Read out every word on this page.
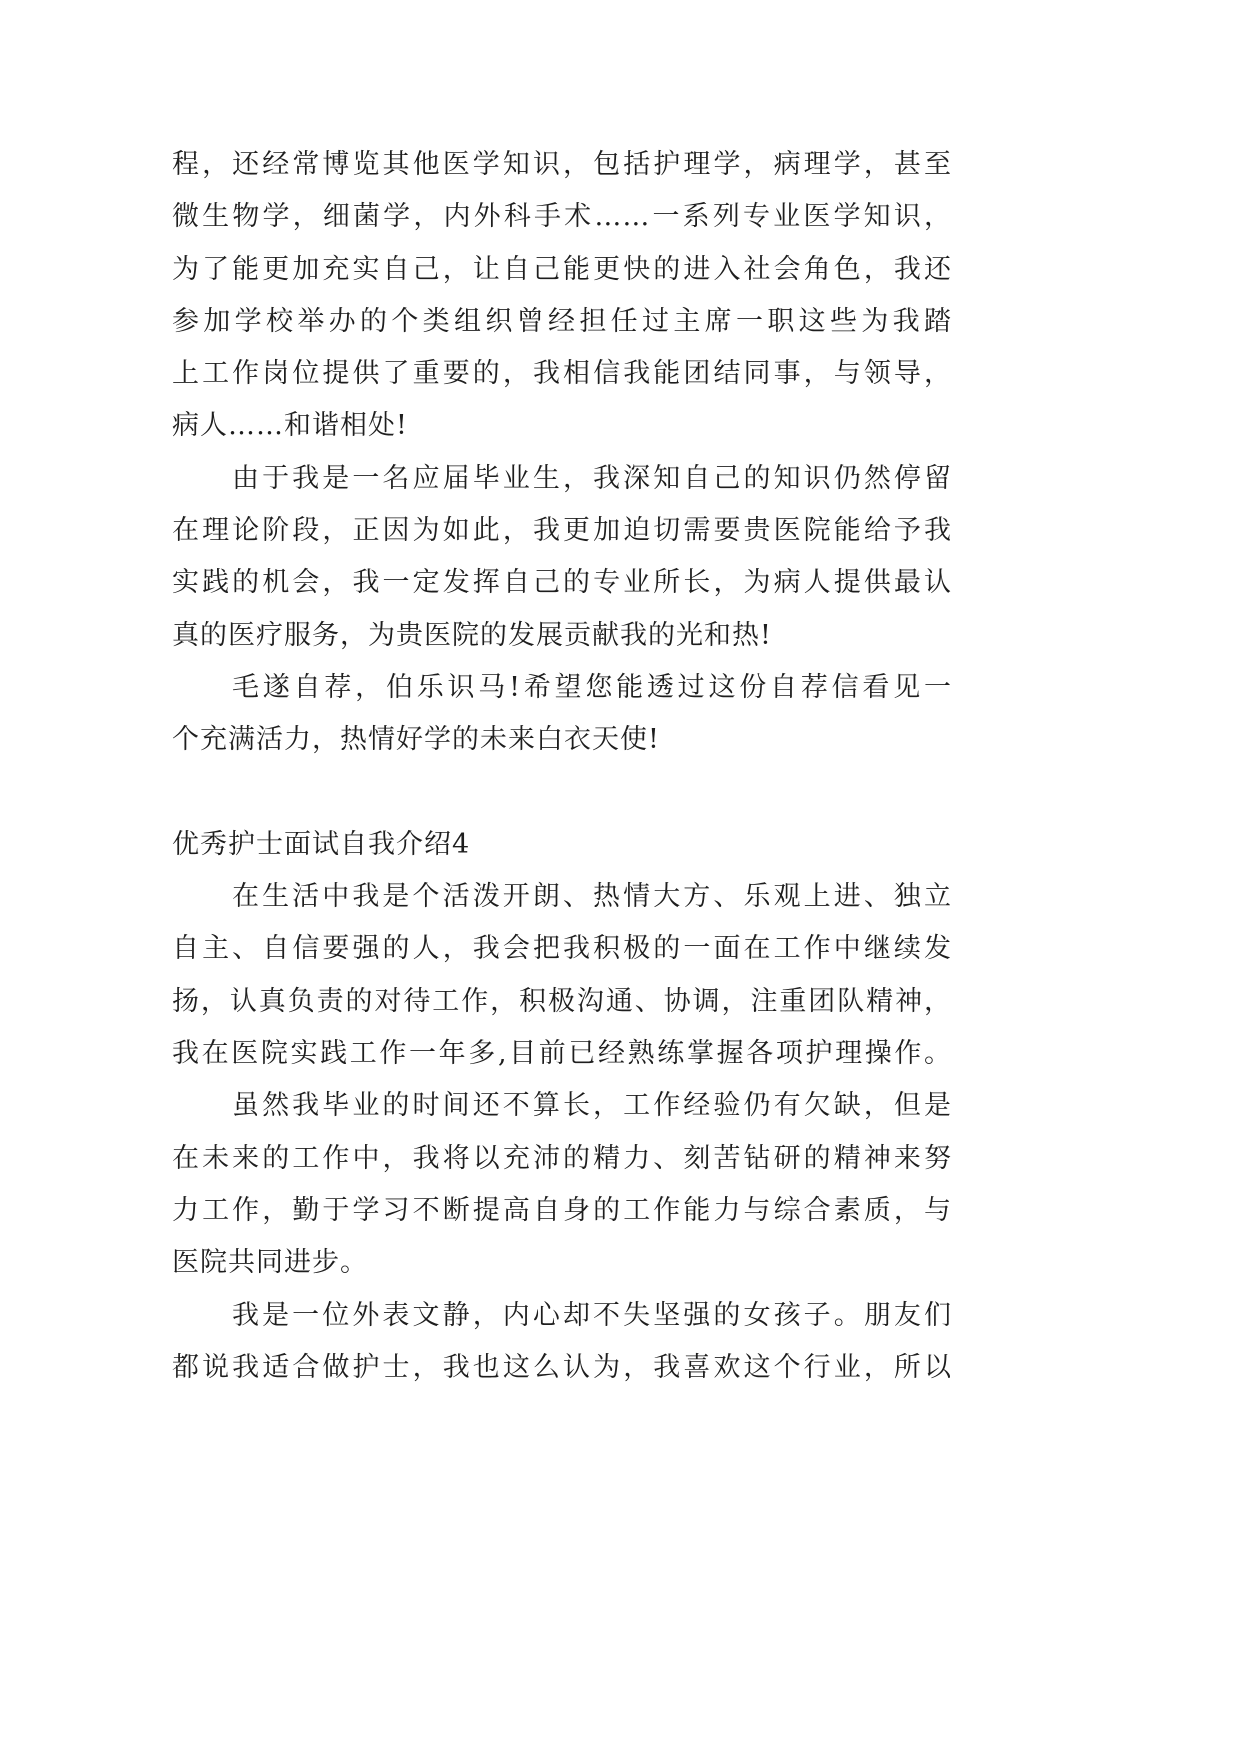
程，还经常博览其他医学知识，包括护理学，病理学，甚至
微生物学，细菌学，内外科手术……一系列专业医学知识，
为了能更加充实自己，让自己能更快的进入社会角色，我还
参加学校举办的个类组织曾经担任过主席一职这些为我踏
上工作岗位提供了重要的，我相信我能团结同事，与领导，
病人……和谐相处!
由于我是一名应届毕业生，我深知自己的知识仍然停留
在理论阶段，正因为如此，我更加迫切需要贵医院能给予我
实践的机会，我一定发挥自己的专业所长，为病人提供最认
真的医疗服务，为贵医院的发展贡献我的光和热!
毛遂自荐，伯乐识马!希望您能透过这份自荐信看见一
个充满活力，热情好学的未来白衣天使!
优秀护士面试自我介绍4
在生活中我是个活泼开朗、热情大方、乐观上进、独立
自主、自信要强的人，我会把我积极的一面在工作中继续发
扬，认真负责的对待工作，积极沟通、协调，注重团队精神，
我在医院实践工作一年多,目前已经熟练掌握各项护理操作。
虽然我毕业的时间还不算长，工作经验仍有欠缺，但是
在未来的工作中，我将以充沛的精力、刻苦钻研的精神来努
力工作，勤于学习不断提高自身的工作能力与综合素质，与
医院共同进步。
我是一位外表文静，内心却不失坚强的女孩子。朋友们
都说我适合做护士，我也这么认为，我喜欢这个行业，所以
